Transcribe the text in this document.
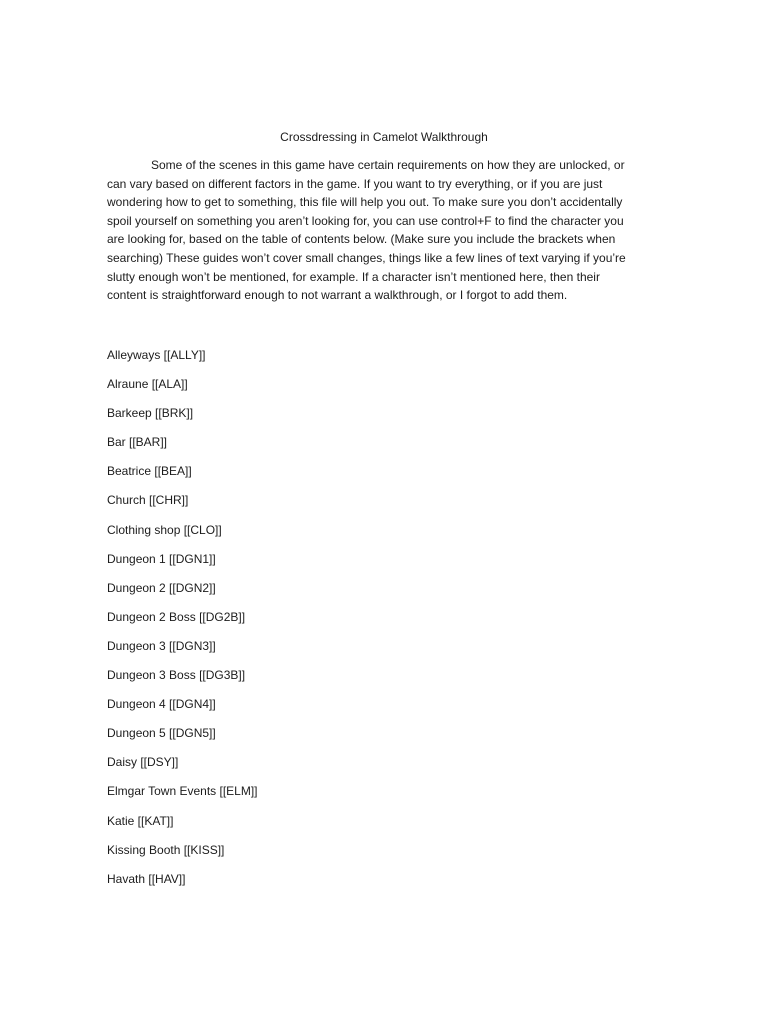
Crossdressing in Camelot Walkthrough

Some of the scenes in this game have certain requirements on how they are unlocked, or
can vary based on different factors in the game. If you want to try everything, or if you are just
wondering how to get to something, this file will help you out. To make sure you don’t accidentally
spoil yourself on something you aren’t looking for, you can use control+F to find the character you
are looking for, based on the table of contents below. (Make sure you include the brackets when
searching) These guides won’t cover small changes, things like a few lines of text varying if you’re
slutty enough won’t be mentioned, for example. If a character isn’t mentioned here, then their
content is straightforward enough to not warrant a walkthrough, or I forgot to add them.

Alleyways [[ALLY]]
Alraune [[ALA]]
Barkeep [[BRK]]
Bar [[BAR]]
Beatrice [[BEA]]
Church [[CHR]]
Clothing shop [[CLO]]
Dungeon 1 [[DGN1]]
Dungeon 2 [[DGN2]]
Dungeon 2 Boss [[DG2B]]
Dungeon 3 [[DGN3]]
Dungeon 3 Boss [[DG3B]]
Dungeon 4 [[DGN4]]
Dungeon 5 [[DGN5]]
Daisy [[DSY]]
Elmgar Town Events [[ELM]]
Katie [[KAT]]
Kissing Booth [[KISS]]
Havath [[HAV]]
